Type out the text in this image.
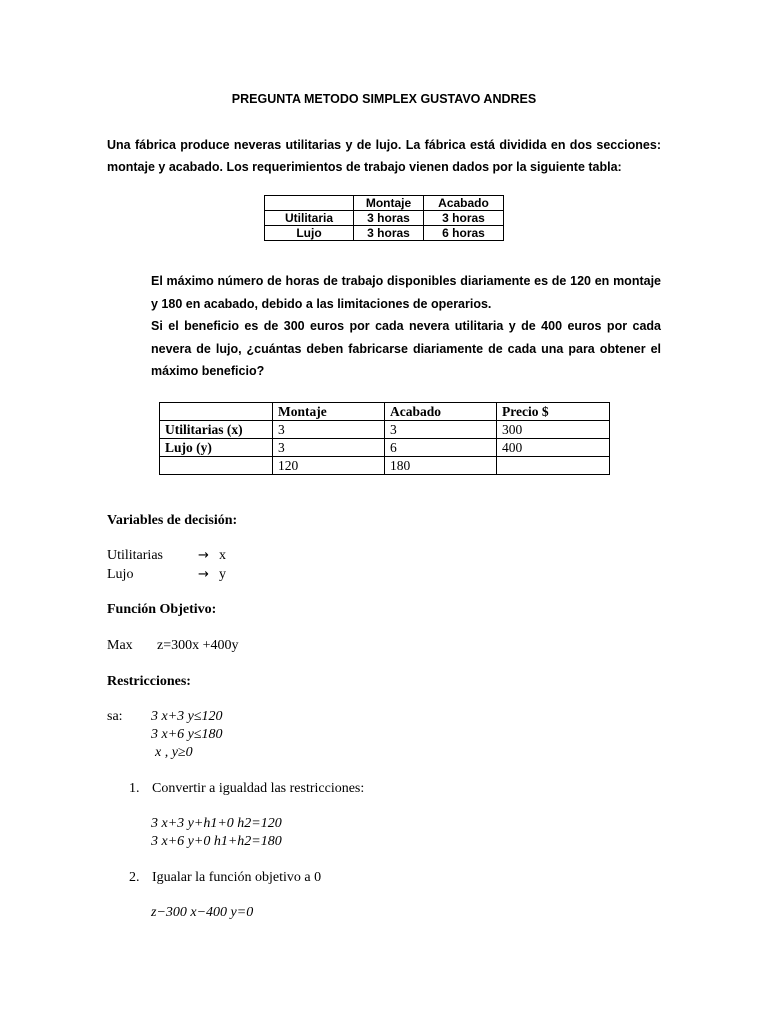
PREGUNTA METODO SIMPLEX GUSTAVO ANDRES
Una fábrica produce neveras utilitarias y de lujo. La fábrica está dividida en dos secciones:
montaje y acabado. Los requerimientos de trabajo vienen dados por la siguiente tabla:
	Montaje	Acabado
Utilitaria	3 horas	3 horas
Lujo	3 horas	6 horas
El máximo número de horas de trabajo disponibles diariamente es de 120 en montaje
y 180 en acabado, debido a las limitaciones de operarios.
Si el beneficio es de 300 euros por cada nevera utilitaria y de 400 euros por cada
nevera de lujo, ¿cuántas deben fabricarse diariamente de cada una para obtener el
máximo beneficio?
	Montaje	Acabado	Precio $
Utilitarias (x)	3	3	300
Lujo (y)	3	6	400
	120	180	
Variables de decisión:
Utilitarias	→ x
Lujo	→ y
Función Objetivo:
Max z=300x +400y
Restricciones:
sa: 3 x+3 y≤120
3 x+6 y≤180
x , y≥0
1. Convertir a igualdad las restricciones:
3 x+3 y+h1+0 h2=120
3 x+6 y+0 h1+h2=180
2. Igualar la función objetivo a 0
z−300 x−400 y=0
